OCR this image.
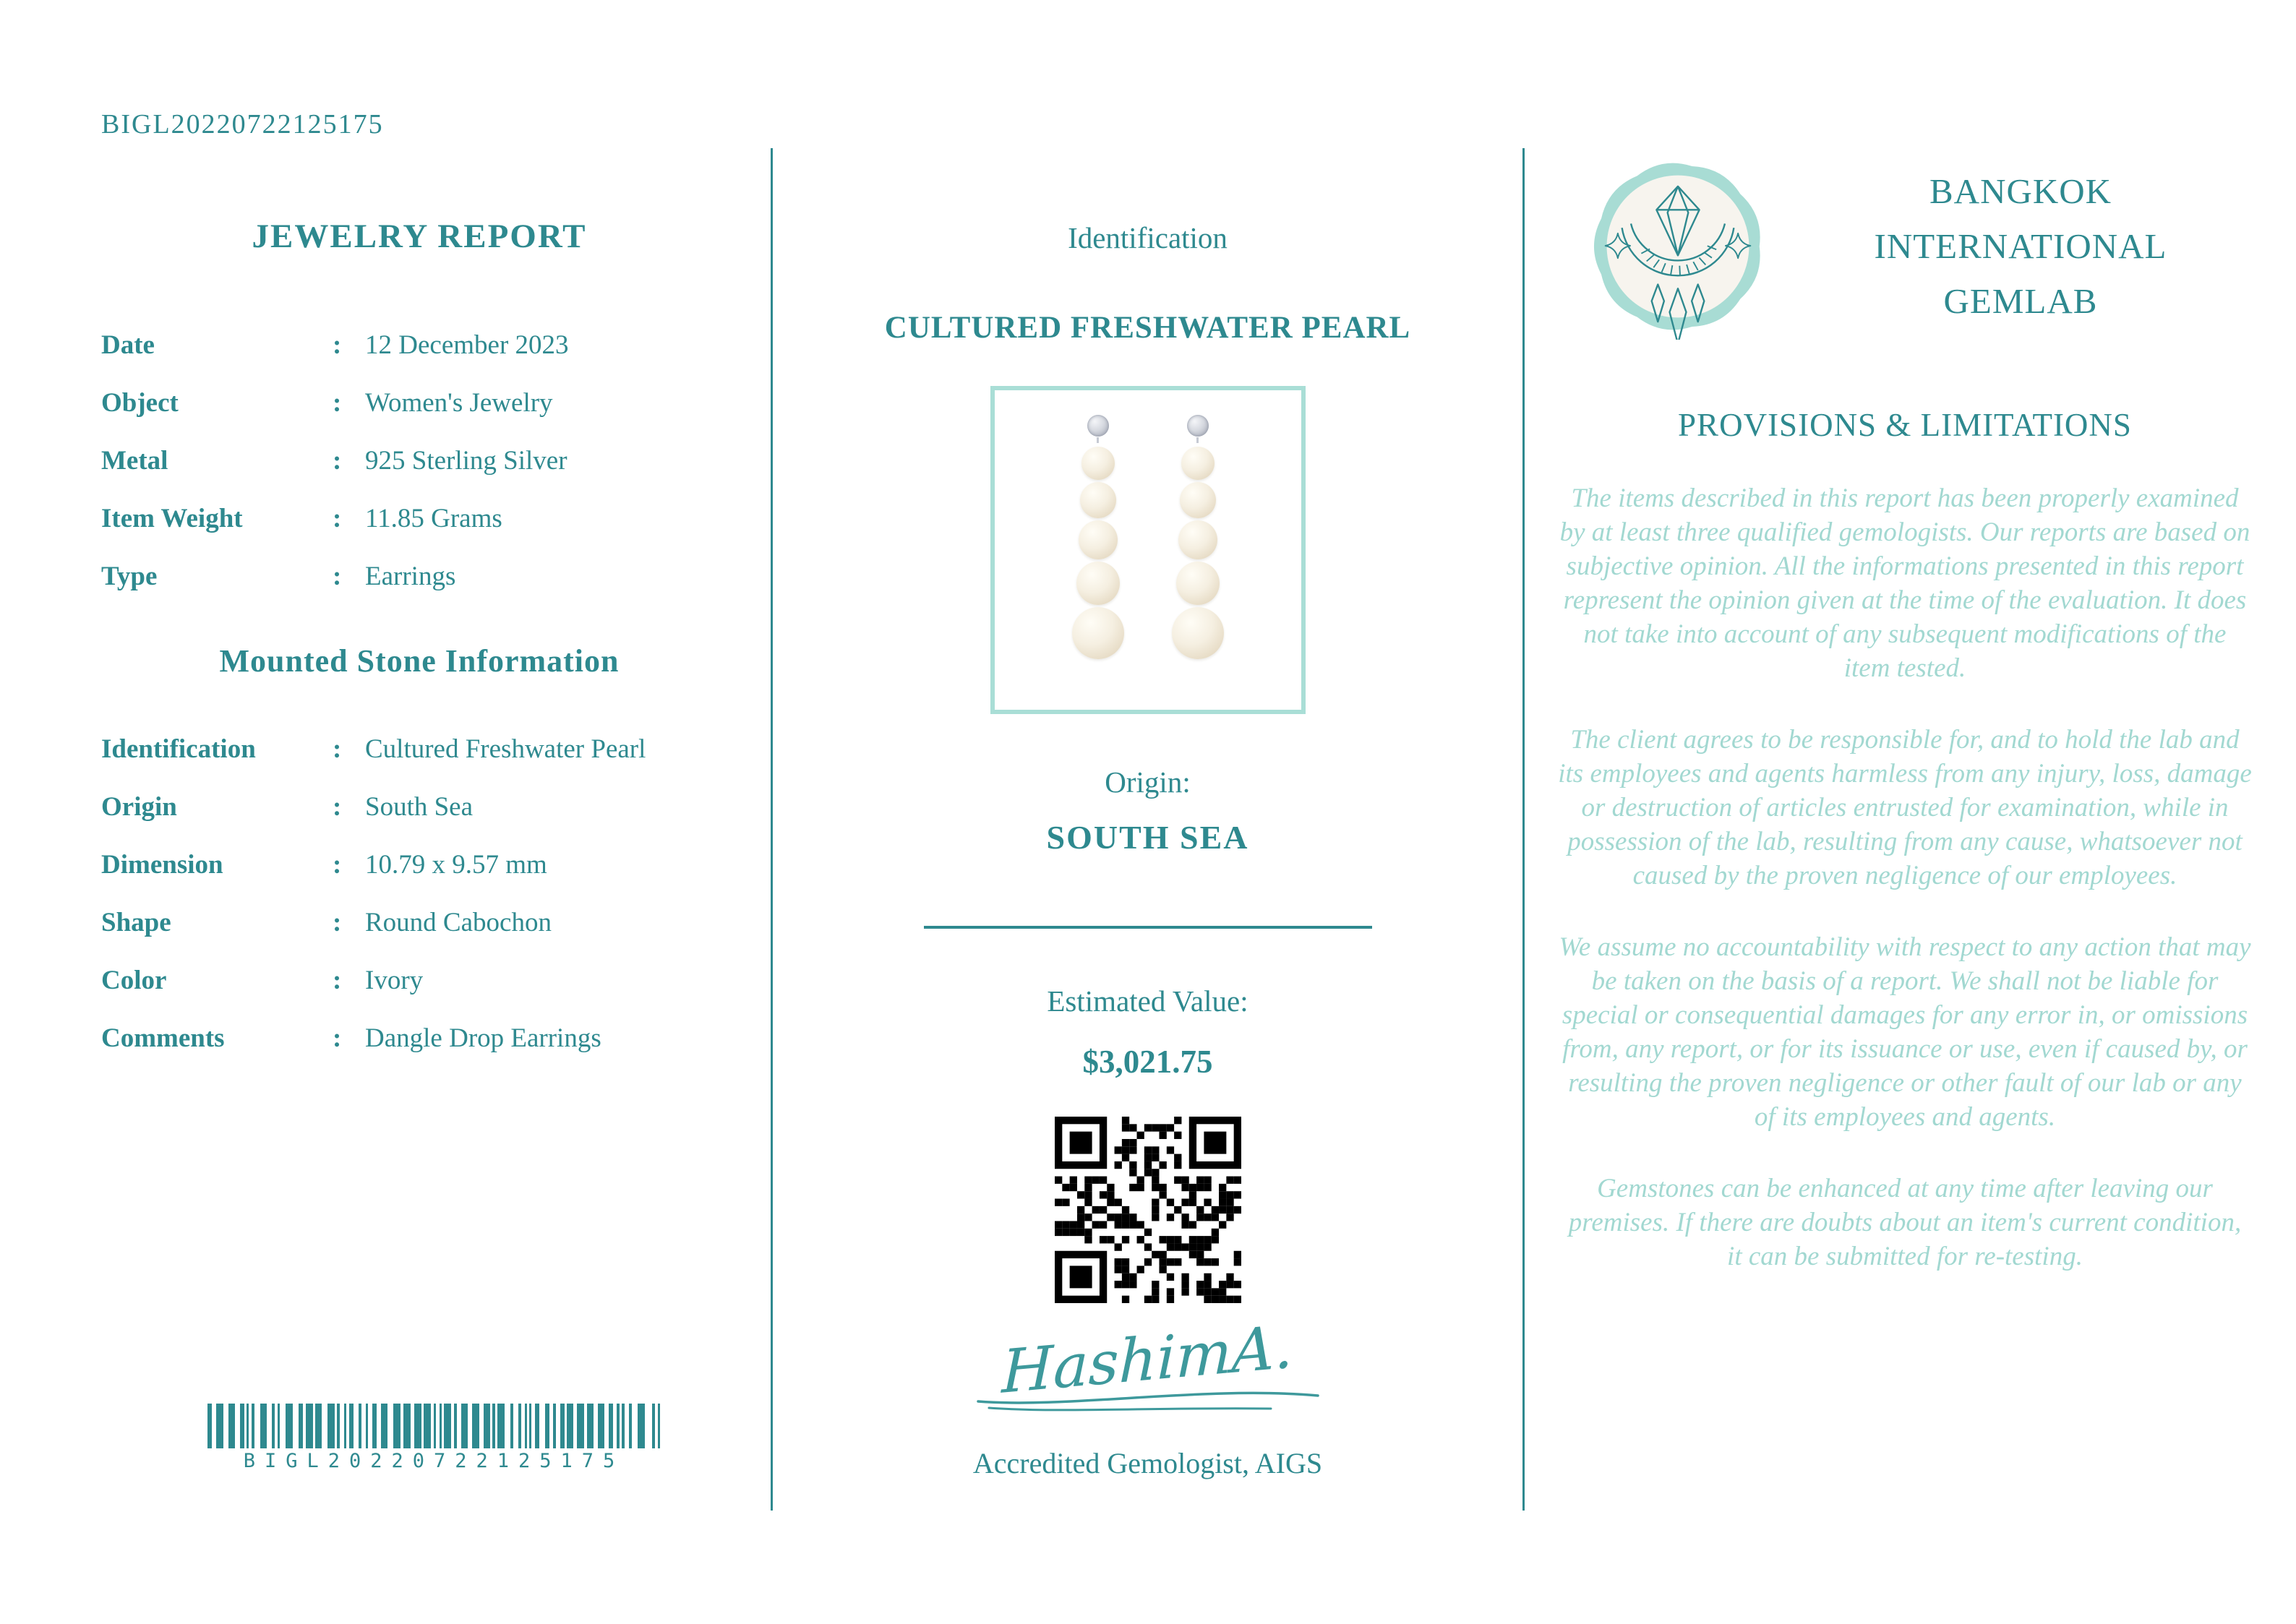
BIGL20220722125175
JEWELRY REPORT
Date	: 12 December 2023
Object	: Women's Jewelry
Metal	: 925 Sterling Silver
Item Weight	: 11.85 Grams
Type	: Earrings
Mounted Stone Information
Identification	: Cultured Freshwater Pearl
Origin	: South Sea
Dimension	: 10.79 x 9.57 mm
Shape	: Round Cabochon
Color	: Ivory
Comments	: Dangle Drop Earrings
BIGL20220722125175

Identification

CULTURED FRESHWATER PEARL

Origin:

SOUTH SEA

Estimated Value:

$3,021.75

HashimA.

Accredited Gemologist, AIGS

BANGKOK
INTERNATIONAL
GEMLAB
PROVISIONS & LIMITATIONS

The items described in this report has been properly examined by at least three qualified gemologists. Our reports are based on subjective opinion. All the informations presented in this report represent the opinion given at the time of the evaluation. It does not take into account of any subsequent modifications of the item tested.

The client agrees to be responsible for, and to hold the lab and its employees and agents harmless from any injury, loss, damage or destruction of articles entrusted for examination, while in possession of the lab, resulting from any cause, whatsoever not caused by the proven negligence of our employees.

We assume no accountability with respect to any action that may be taken on the basis of a report. We shall not be liable for special or consequential damages for any error in, or omissions from, any report, or for its issuance or use, even if caused by, or resulting the proven negligence or other fault of our lab or any of its employees and agents.

Gemstones can be enhanced at any time after leaving our premises. If there are doubts about an item's current condition, it can be submitted for re-testing.
